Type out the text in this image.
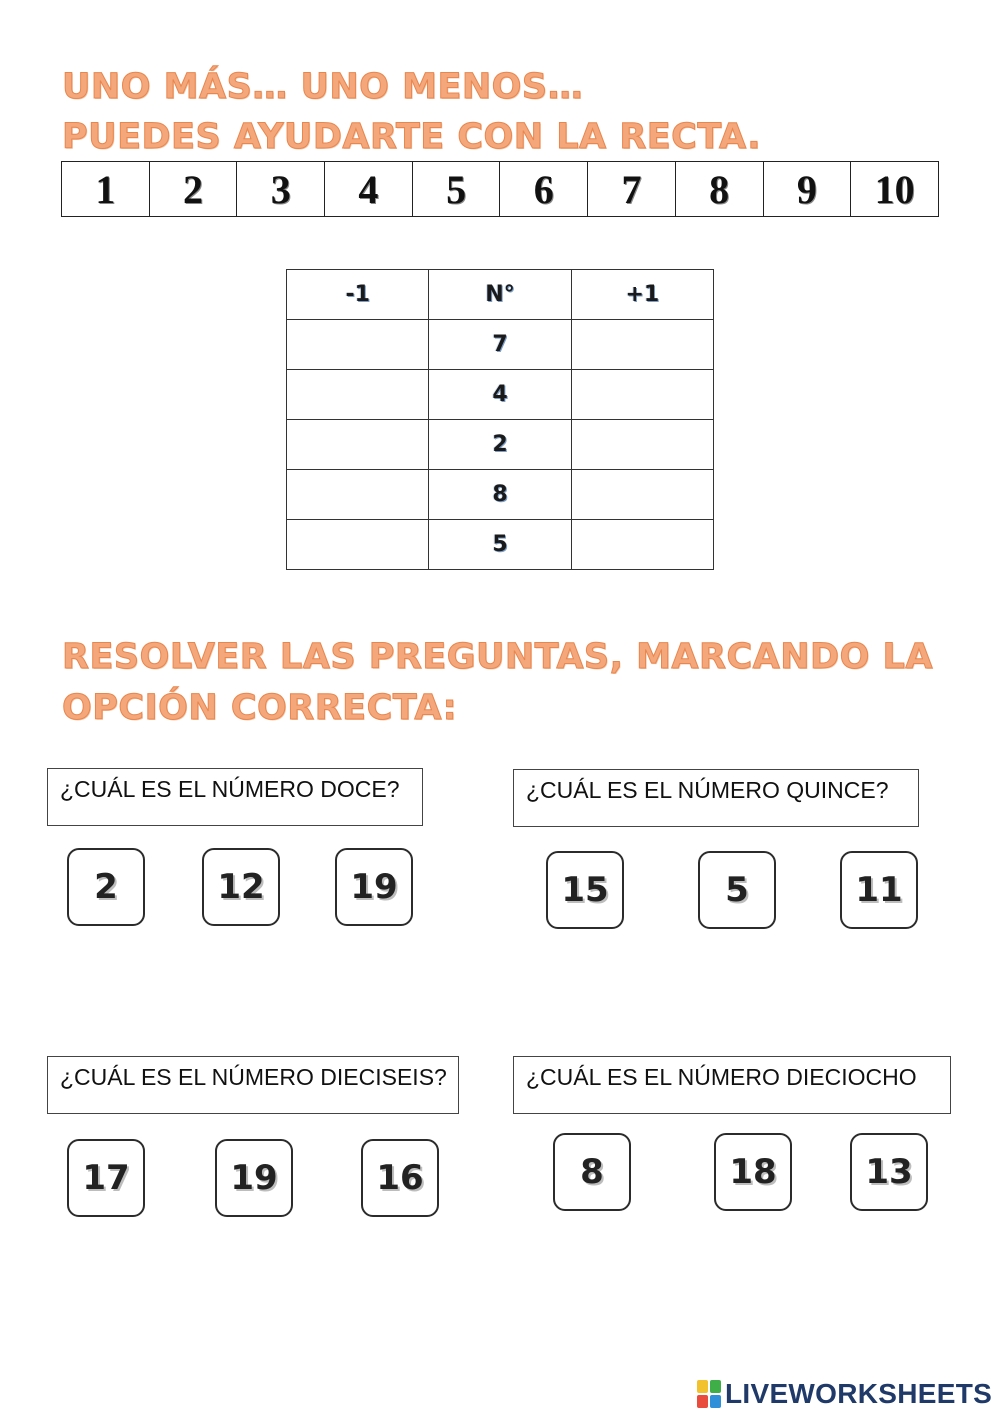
UNO MÁS… UNO MENOS…
PUEDES AYUDARTE CON LA RECTA.
1	2	3	4	5	6	7	8	9	10
-1	N°	+1
	7	
	4	
	2	
	8	
	5	
RESOLVER LAS PREGUNTAS, MARCANDO LA
OPCIÓN CORRECTA:
¿CUÁL ES EL NÚMERO DOCE?
2	12	19
¿CUÁL ES EL NÚMERO QUINCE?
15	5	11
¿CUÁL ES EL NÚMERO DIECISEIS?
17	19	16
¿CUÁL ES EL NÚMERO DIECIOCHO
8	18	13
LIVEWORKSHEETS
